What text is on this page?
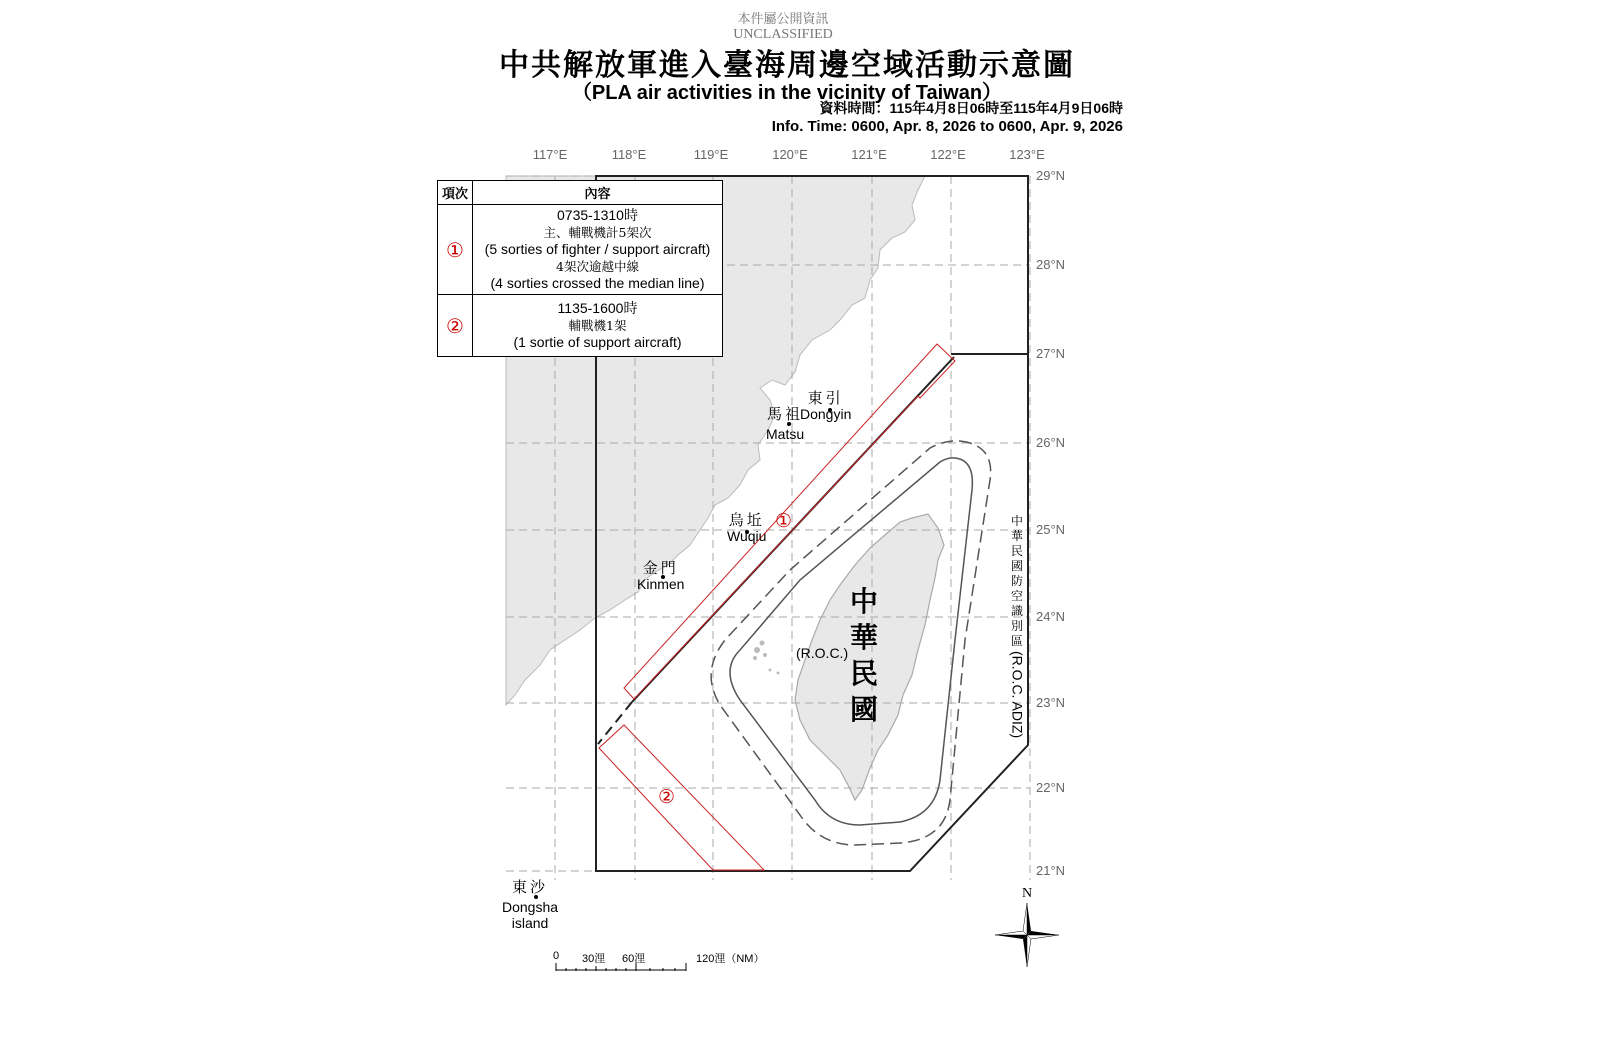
本件屬公開資訊
UNCLASSIFIED
中共解放軍進入臺海周邊空域活動示意圖
（PLA air activities in the vicinity of Taiwan）
資料時間：115年4月8日06時至115年4月9日06時
Info. Time: 0600, Apr. 8, 2026 to 0600, Apr. 9, 2026
117°E	118°E	119°E	120°E	121°E	122°E	123°E
29°N
28°N
27°N
26°N
25°N
24°N
23°N
22°N
21°N
項次	內容
①	0735-1310時
主、輔戰機計5架次
(5 sorties of fighter / support aircraft)
4架次逾越中線
(4 sorties crossed the median line)

②	1135-1600時
輔戰機1架
(1 sortie of support aircraft)
東引
Dongyin
馬祖
Matsu
烏坵
Wuqiu
金門
Kinmen
東沙
Dongsha
island
中華民國
(R.O.C.)
中華民國防空識別區
(R.O.C. ADIZ)
①
②
0 30浬 60浬	120浬（NM）
N
